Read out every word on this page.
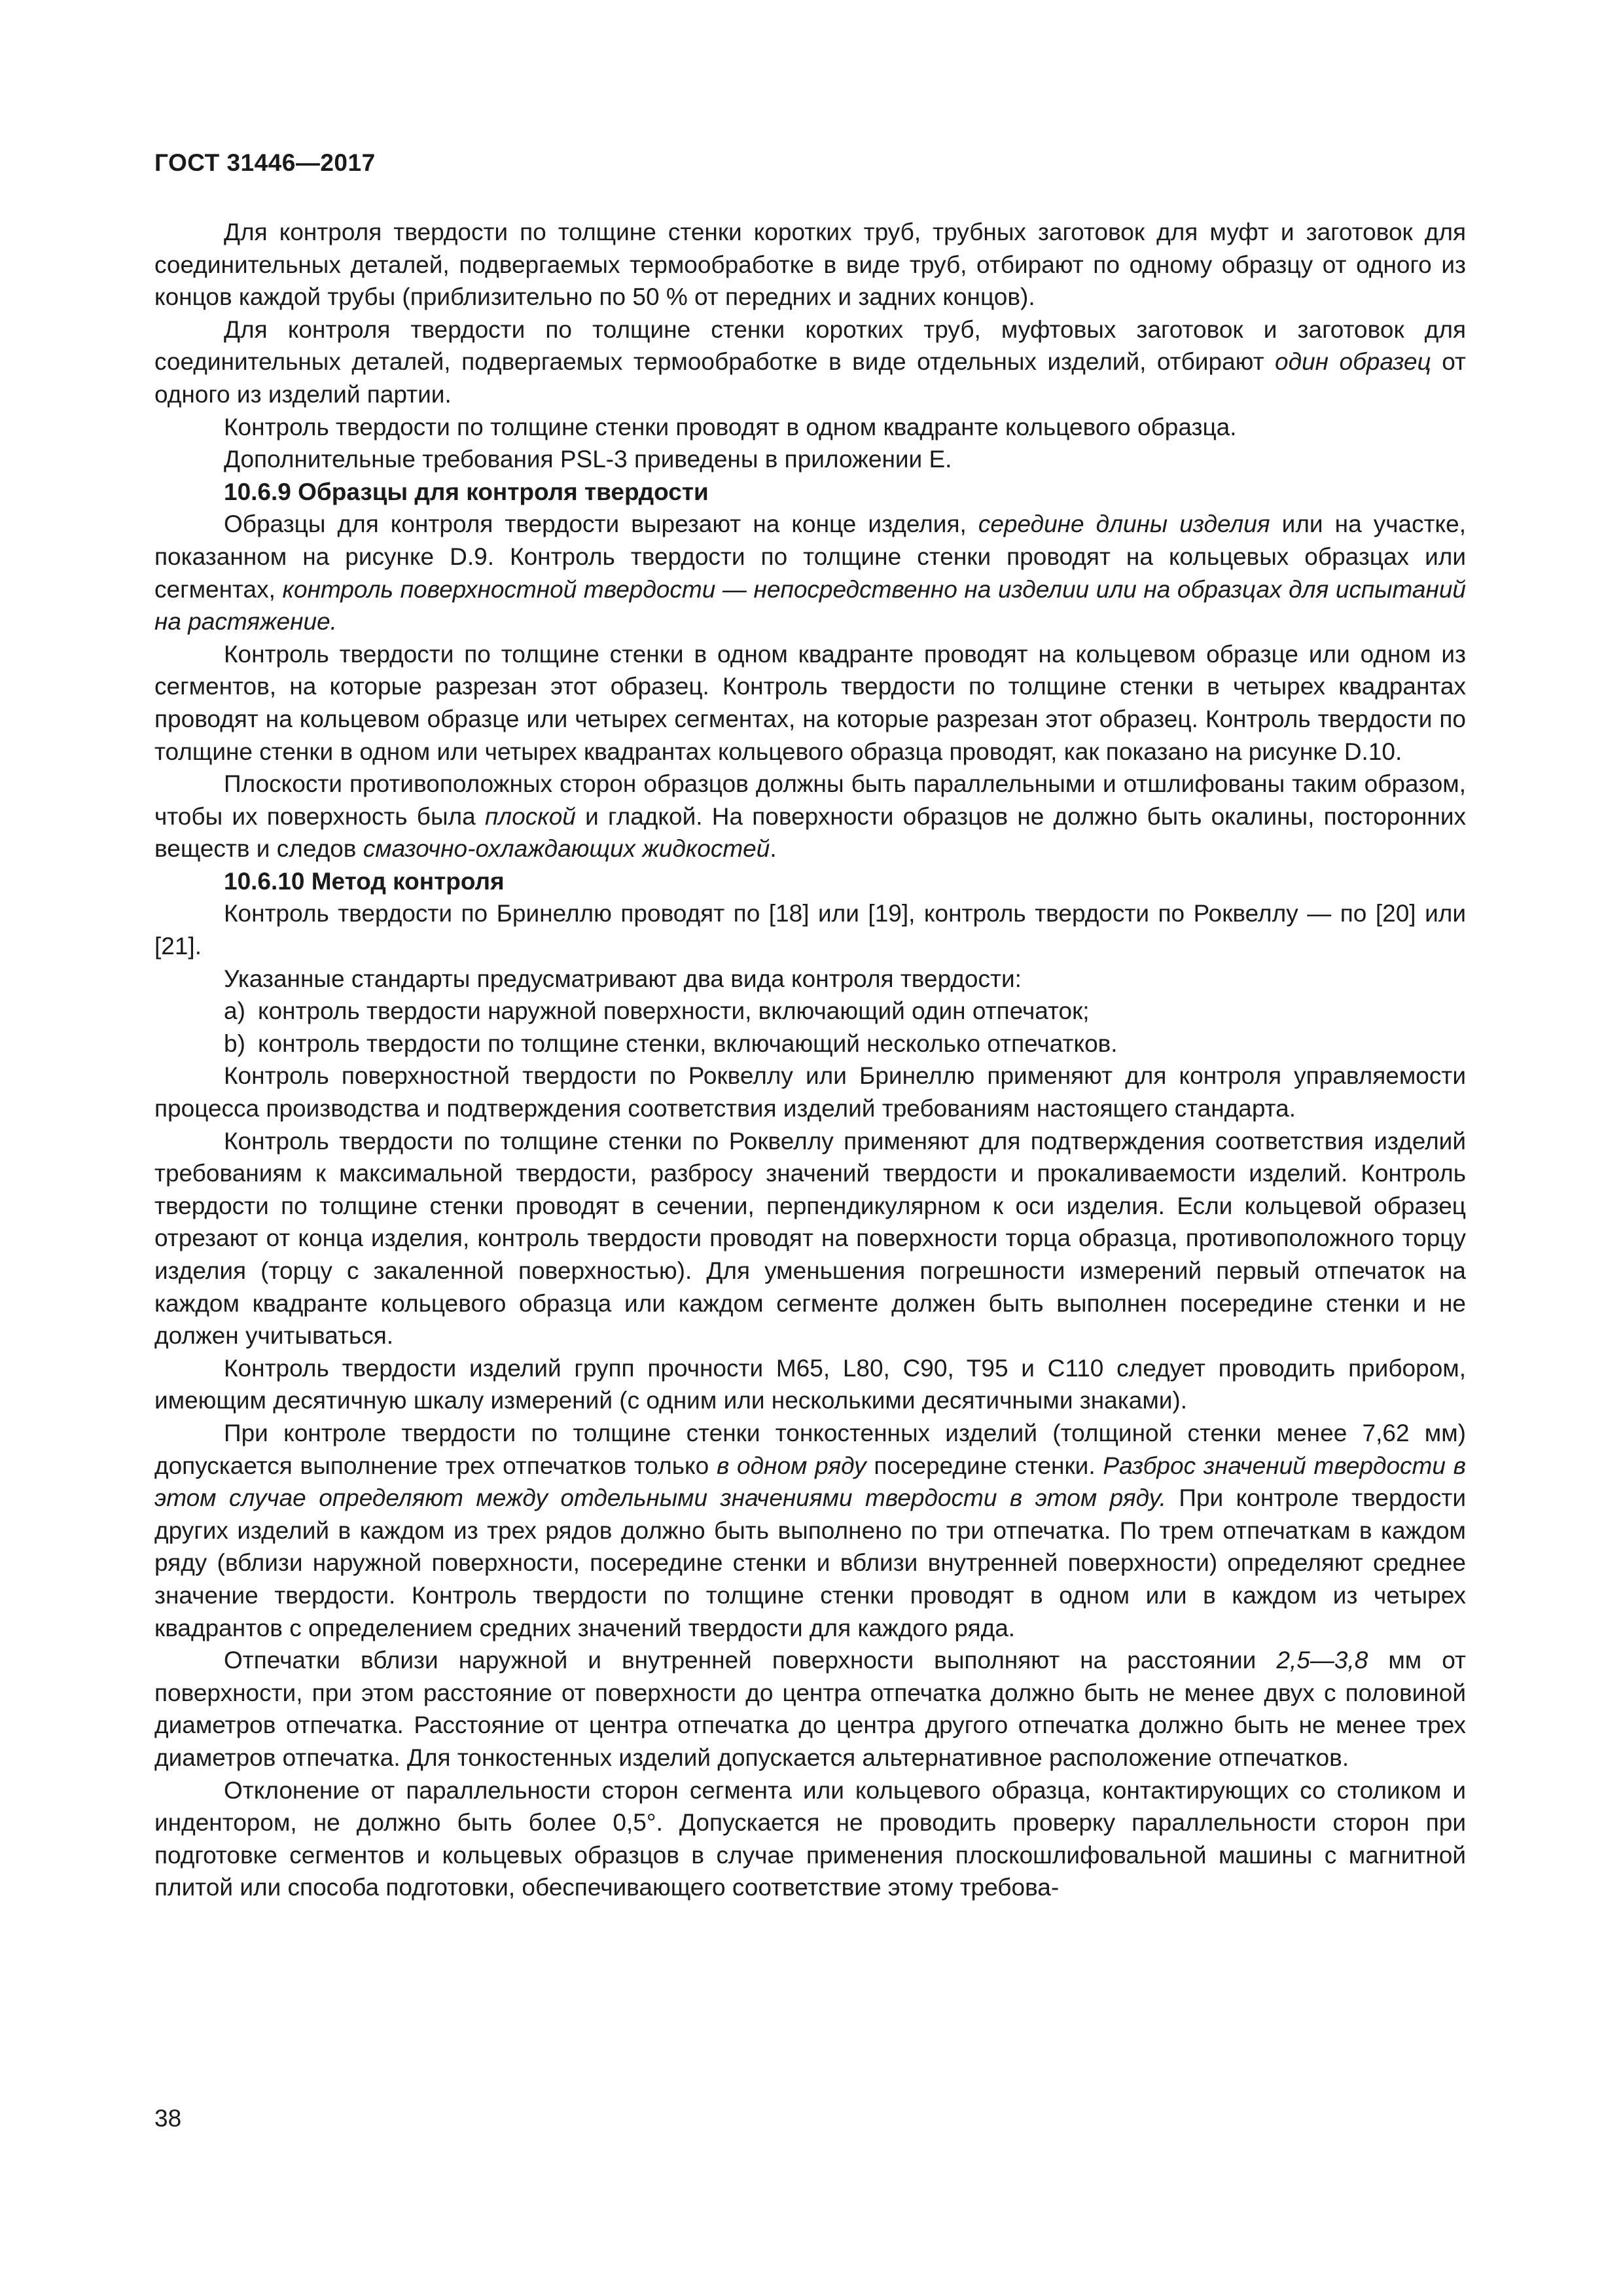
ГОСТ 31446—2017

Для контроля твердости по толщине стенки коротких труб, трубных заготовок для муфт и заготовок для соединительных деталей, подвергаемых термообработке в виде труб, отбирают по одному образцу от одного из концов каждой трубы (приблизительно по 50 % от передних и задних концов).

Для контроля твердости по толщине стенки коротких труб, муфтовых заготовок и заготовок для соединительных деталей, подвергаемых термообработке в виде отдельных изделий, отбирают один образец от одного из изделий партии.

Контроль твердости по толщине стенки проводят в одном квадранте кольцевого образца.

Дополнительные требования PSL-3 приведены в приложении E.

10.6.9 Образцы для контроля твердости

Образцы для контроля твердости вырезают на конце изделия, середине длины изделия или на участке, показанном на рисунке D.9. Контроль твердости по толщине стенки проводят на кольцевых образцах или сегментах, контроль поверхностной твердости — непосредственно на изделии или на образцах для испытаний на растяжение.

Контроль твердости по толщине стенки в одном квадранте проводят на кольцевом образце или одном из сегментов, на которые разрезан этот образец. Контроль твердости по толщине стенки в четырех квадрантах проводят на кольцевом образце или четырех сегментах, на которые разрезан этот образец. Контроль твердости по толщине стенки в одном или четырех квадрантах кольцевого образца проводят, как показано на рисунке D.10.

Плоскости противоположных сторон образцов должны быть параллельными и отшлифованы таким образом, чтобы их поверхность была плоской и гладкой. На поверхности образцов не должно быть окалины, посторонних веществ и следов смазочно-охлаждающих жидкостей.

10.6.10 Метод контроля

Контроль твердости по Бринеллю проводят по [18] или [19], контроль твердости по Роквеллу — по [20] или [21].

Указанные стандарты предусматривают два вида контроля твердости:

a) контроль твердости наружной поверхности, включающий один отпечаток;

b) контроль твердости по толщине стенки, включающий несколько отпечатков.

Контроль поверхностной твердости по Роквеллу или Бринеллю применяют для контроля управляемости процесса производства и подтверждения соответствия изделий требованиям настоящего стандарта.

Контроль твердости по толщине стенки по Роквеллу применяют для подтверждения соответствия изделий требованиям к максимальной твердости, разбросу значений твердости и прокаливаемости изделий. Контроль твердости по толщине стенки проводят в сечении, перпендикулярном к оси изделия. Если кольцевой образец отрезают от конца изделия, контроль твердости проводят на поверхности торца образца, противоположного торцу изделия (торцу с закаленной поверхностью). Для уменьшения погрешности измерений первый отпечаток на каждом квадранте кольцевого образца или каждом сегменте должен быть выполнен посередине стенки и не должен учитываться.

Контроль твердости изделий групп прочности M65, L80, C90, T95 и C110 следует проводить прибором, имеющим десятичную шкалу измерений (с одним или несколькими десятичными знаками).

При контроле твердости по толщине стенки тонкостенных изделий (толщиной стенки менее 7,62 мм) допускается выполнение трех отпечатков только в одном ряду посередине стенки. Разброс значений твердости в этом случае определяют между отдельными значениями твердости в этом ряду. При контроле твердости других изделий в каждом из трех рядов должно быть выполнено по три отпечатка. По трем отпечаткам в каждом ряду (вблизи наружной поверхности, посередине стенки и вблизи внутренней поверхности) определяют среднее значение твердости. Контроль твердости по толщине стенки проводят в одном или в каждом из четырех квадрантов с определением средних значений твердости для каждого ряда.

Отпечатки вблизи наружной и внутренней поверхности выполняют на расстоянии 2,5—3,8 мм от поверхности, при этом расстояние от поверхности до центра отпечатка должно быть не менее двух с половиной диаметров отпечатка. Расстояние от центра отпечатка до центра другого отпечатка должно быть не менее трех диаметров отпечатка. Для тонкостенных изделий допускается альтернативное расположение отпечатков.

Отклонение от параллельности сторон сегмента или кольцевого образца, контактирующих со столиком и индентором, не должно быть более 0,5°. Допускается не проводить проверку параллельности сторон при подготовке сегментов и кольцевых образцов в случае применения плоскошлифовальной машины с магнитной плитой или способа подготовки, обеспечивающего соответствие этому требова-

38
